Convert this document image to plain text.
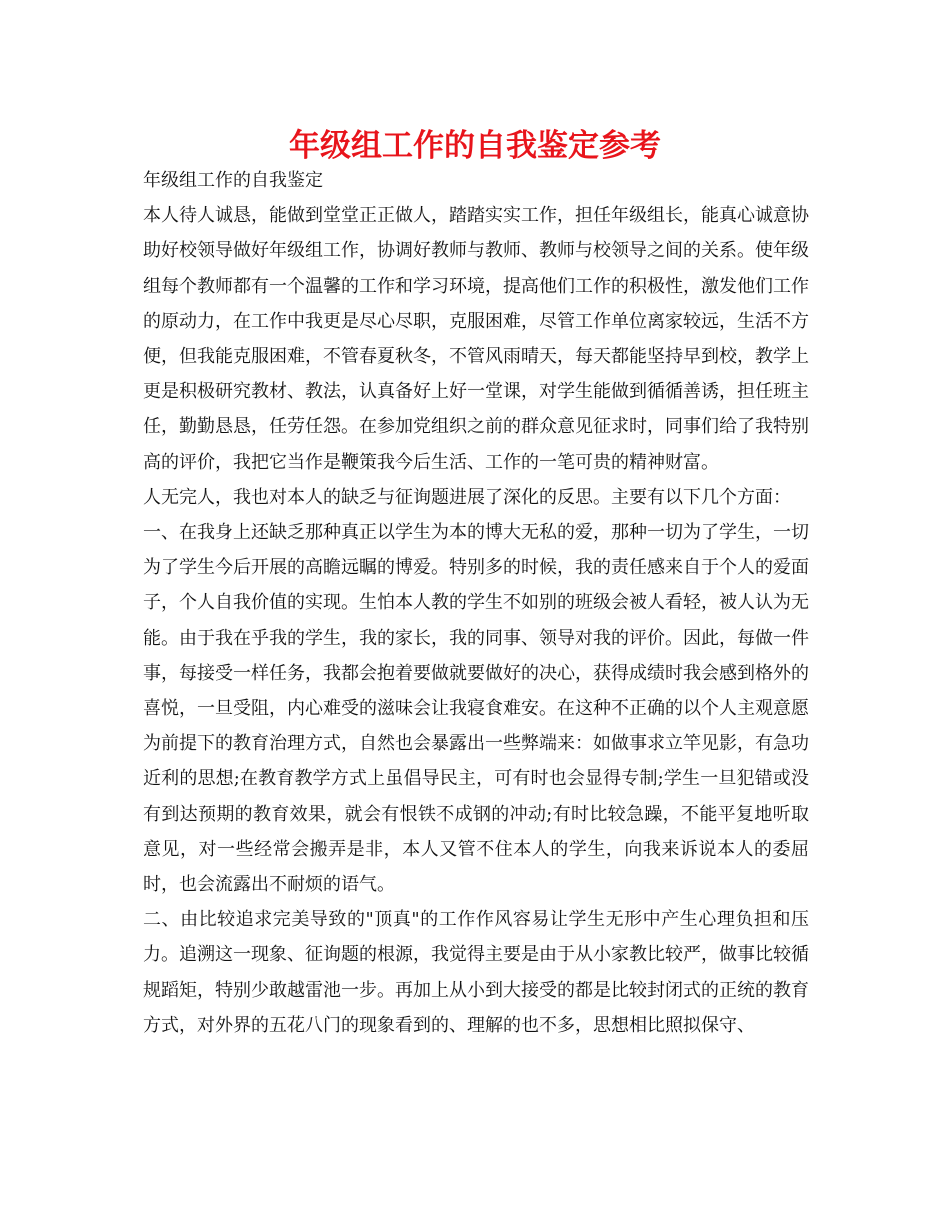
年级组工作的自我鉴定参考

年级组工作的自我鉴定

本人待人诚恳，能做到堂堂正正做人，踏踏实实工作，担任年级组长，能真心诚意协助好校领导做好年级组工作，协调好教师与教师、教师与校领导之间的关系。使年级组每个教师都有一个温馨的工作和学习环境，提高他们工作的积极性，激发他们工作的原动力，在工作中我更是尽心尽职，克服困难，尽管工作单位离家较远，生活不方便，但我能克服困难，不管春夏秋冬，不管风雨晴天，每天都能坚持早到校，教学上更是积极研究教材、教法，认真备好上好一堂课，对学生能做到循循善诱，担任班主任，勤勤恳恳，任劳任怨。在参加党组织之前的群众意见征求时，同事们给了我特别高的评价，我把它当作是鞭策我今后生活、工作的一笔可贵的精神财富。

人无完人，我也对本人的缺乏与征询题进展了深化的反思。主要有以下几个方面：

一、在我身上还缺乏那种真正以学生为本的博大无私的爱，那种一切为了学生，一切为了学生今后开展的高瞻远瞩的博爱。特别多的时候，我的责任感来自于个人的爱面子，个人自我价值的实现。生怕本人教的学生不如别的班级会被人看轻，被人认为无能。由于我在乎我的学生，我的家长，我的同事、领导对我的评价。因此，每做一件事，每接受一样任务，我都会抱着要做就要做好的决心，获得成绩时我会感到格外的喜悦，一旦受阻，内心难受的滋味会让我寝食难安。在这种不正确的以个人主观意愿为前提下的教育治理方式，自然也会暴露出一些弊端来：如做事求立竿见影，有急功近利的思想;在教育教学方式上虽倡导民主，可有时也会显得专制;学生一旦犯错或没有到达预期的教育效果，就会有恨铁不成钢的冲动;有时比较急躁，不能平复地听取意见，对一些经常会搬弄是非，本人又管不住本人的学生，向我来诉说本人的委屈时，也会流露出不耐烦的语气。

二、由比较追求完美导致的"顶真"的工作作风容易让学生无形中产生心理负担和压力。追溯这一现象、征询题的根源，我觉得主要是由于从小家教比较严，做事比较循规蹈矩，特别少敢越雷池一步。再加上从小到大接受的都是比较封闭式的正统的教育方式，对外界的五花八门的现象看到的、理解的也不多，思想相比照拟保守、
